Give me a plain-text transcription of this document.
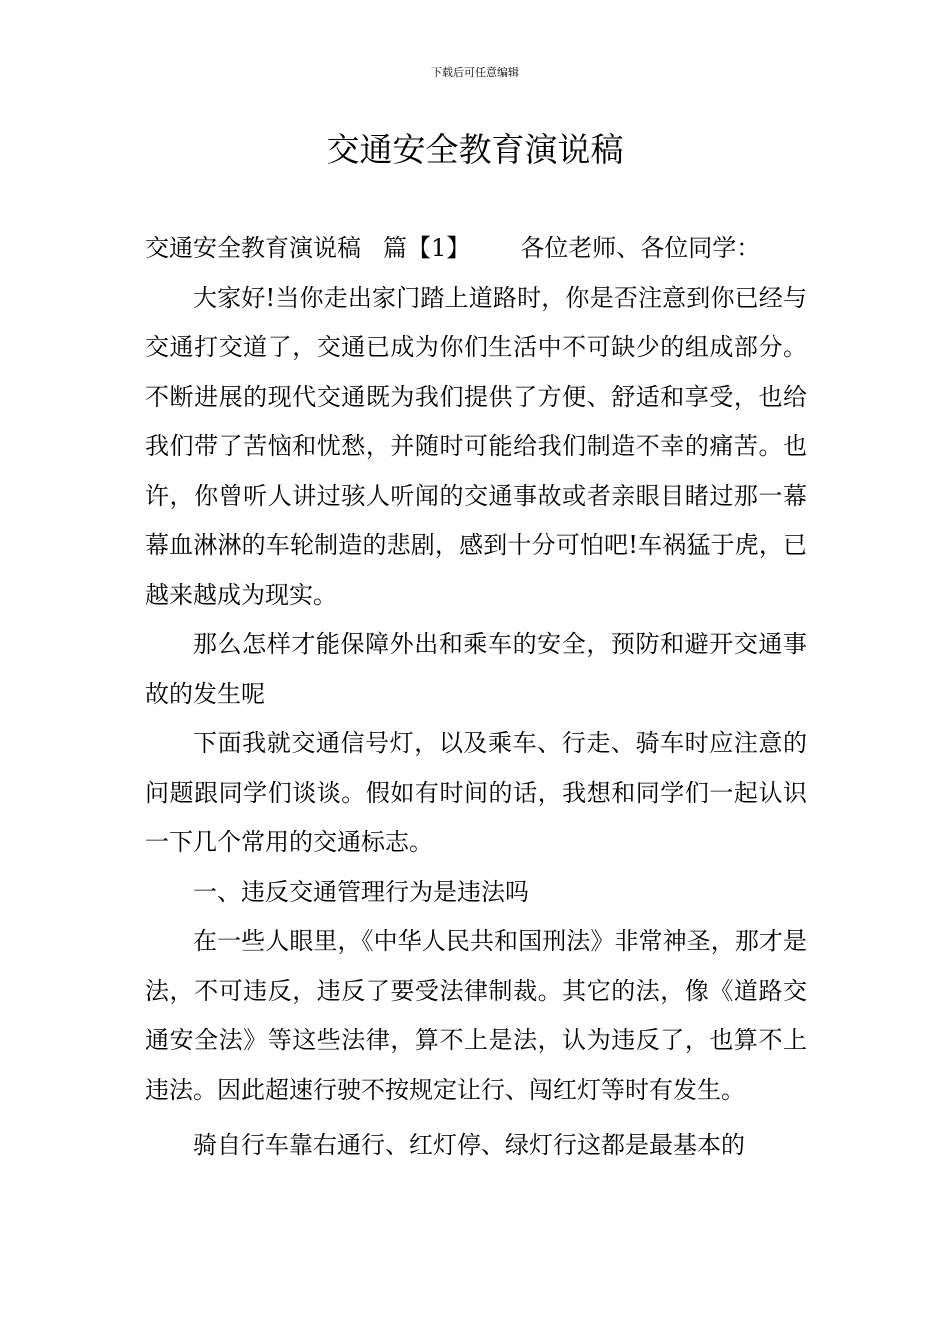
下载后可任意编辑
交通安全教育演说稿

交通安全教育演说稿 篇【1】 各位老师、各位同学：

大家好!当你走出家门踏上道路时，你是否注意到你已经与交通打交道了，交通已成为你们生活中不可缺少的组成部分。不断进展的现代交通既为我们提供了方便、舒适和享受，也给我们带了苦恼和忧愁，并随时可能给我们制造不幸的痛苦。也许，你曾听人讲过骇人听闻的交通事故或者亲眼目睹过那一幕幕血淋淋的车轮制造的悲剧，感到十分可怕吧!车祸猛于虎，已越来越成为现实。

那么怎样才能保障外出和乘车的安全，预防和避开交通事故的发生呢

下面我就交通信号灯，以及乘车、行走、骑车时应注意的问题跟同学们谈谈。假如有时间的话，我想和同学们一起认识一下几个常用的交通标志。

一、违反交通管理行为是违法吗

在一些人眼里，《中华人民共和国刑法》非常神圣，那才是法，不可违反，违反了要受法律制裁。其它的法，像《道路交通安全法》等这些法律，算不上是法，认为违反了，也算不上违法。因此超速行驶不按规定让行、闯红灯等时有发生。

骑自行车靠右通行、红灯停、绿灯行这都是最基本的
